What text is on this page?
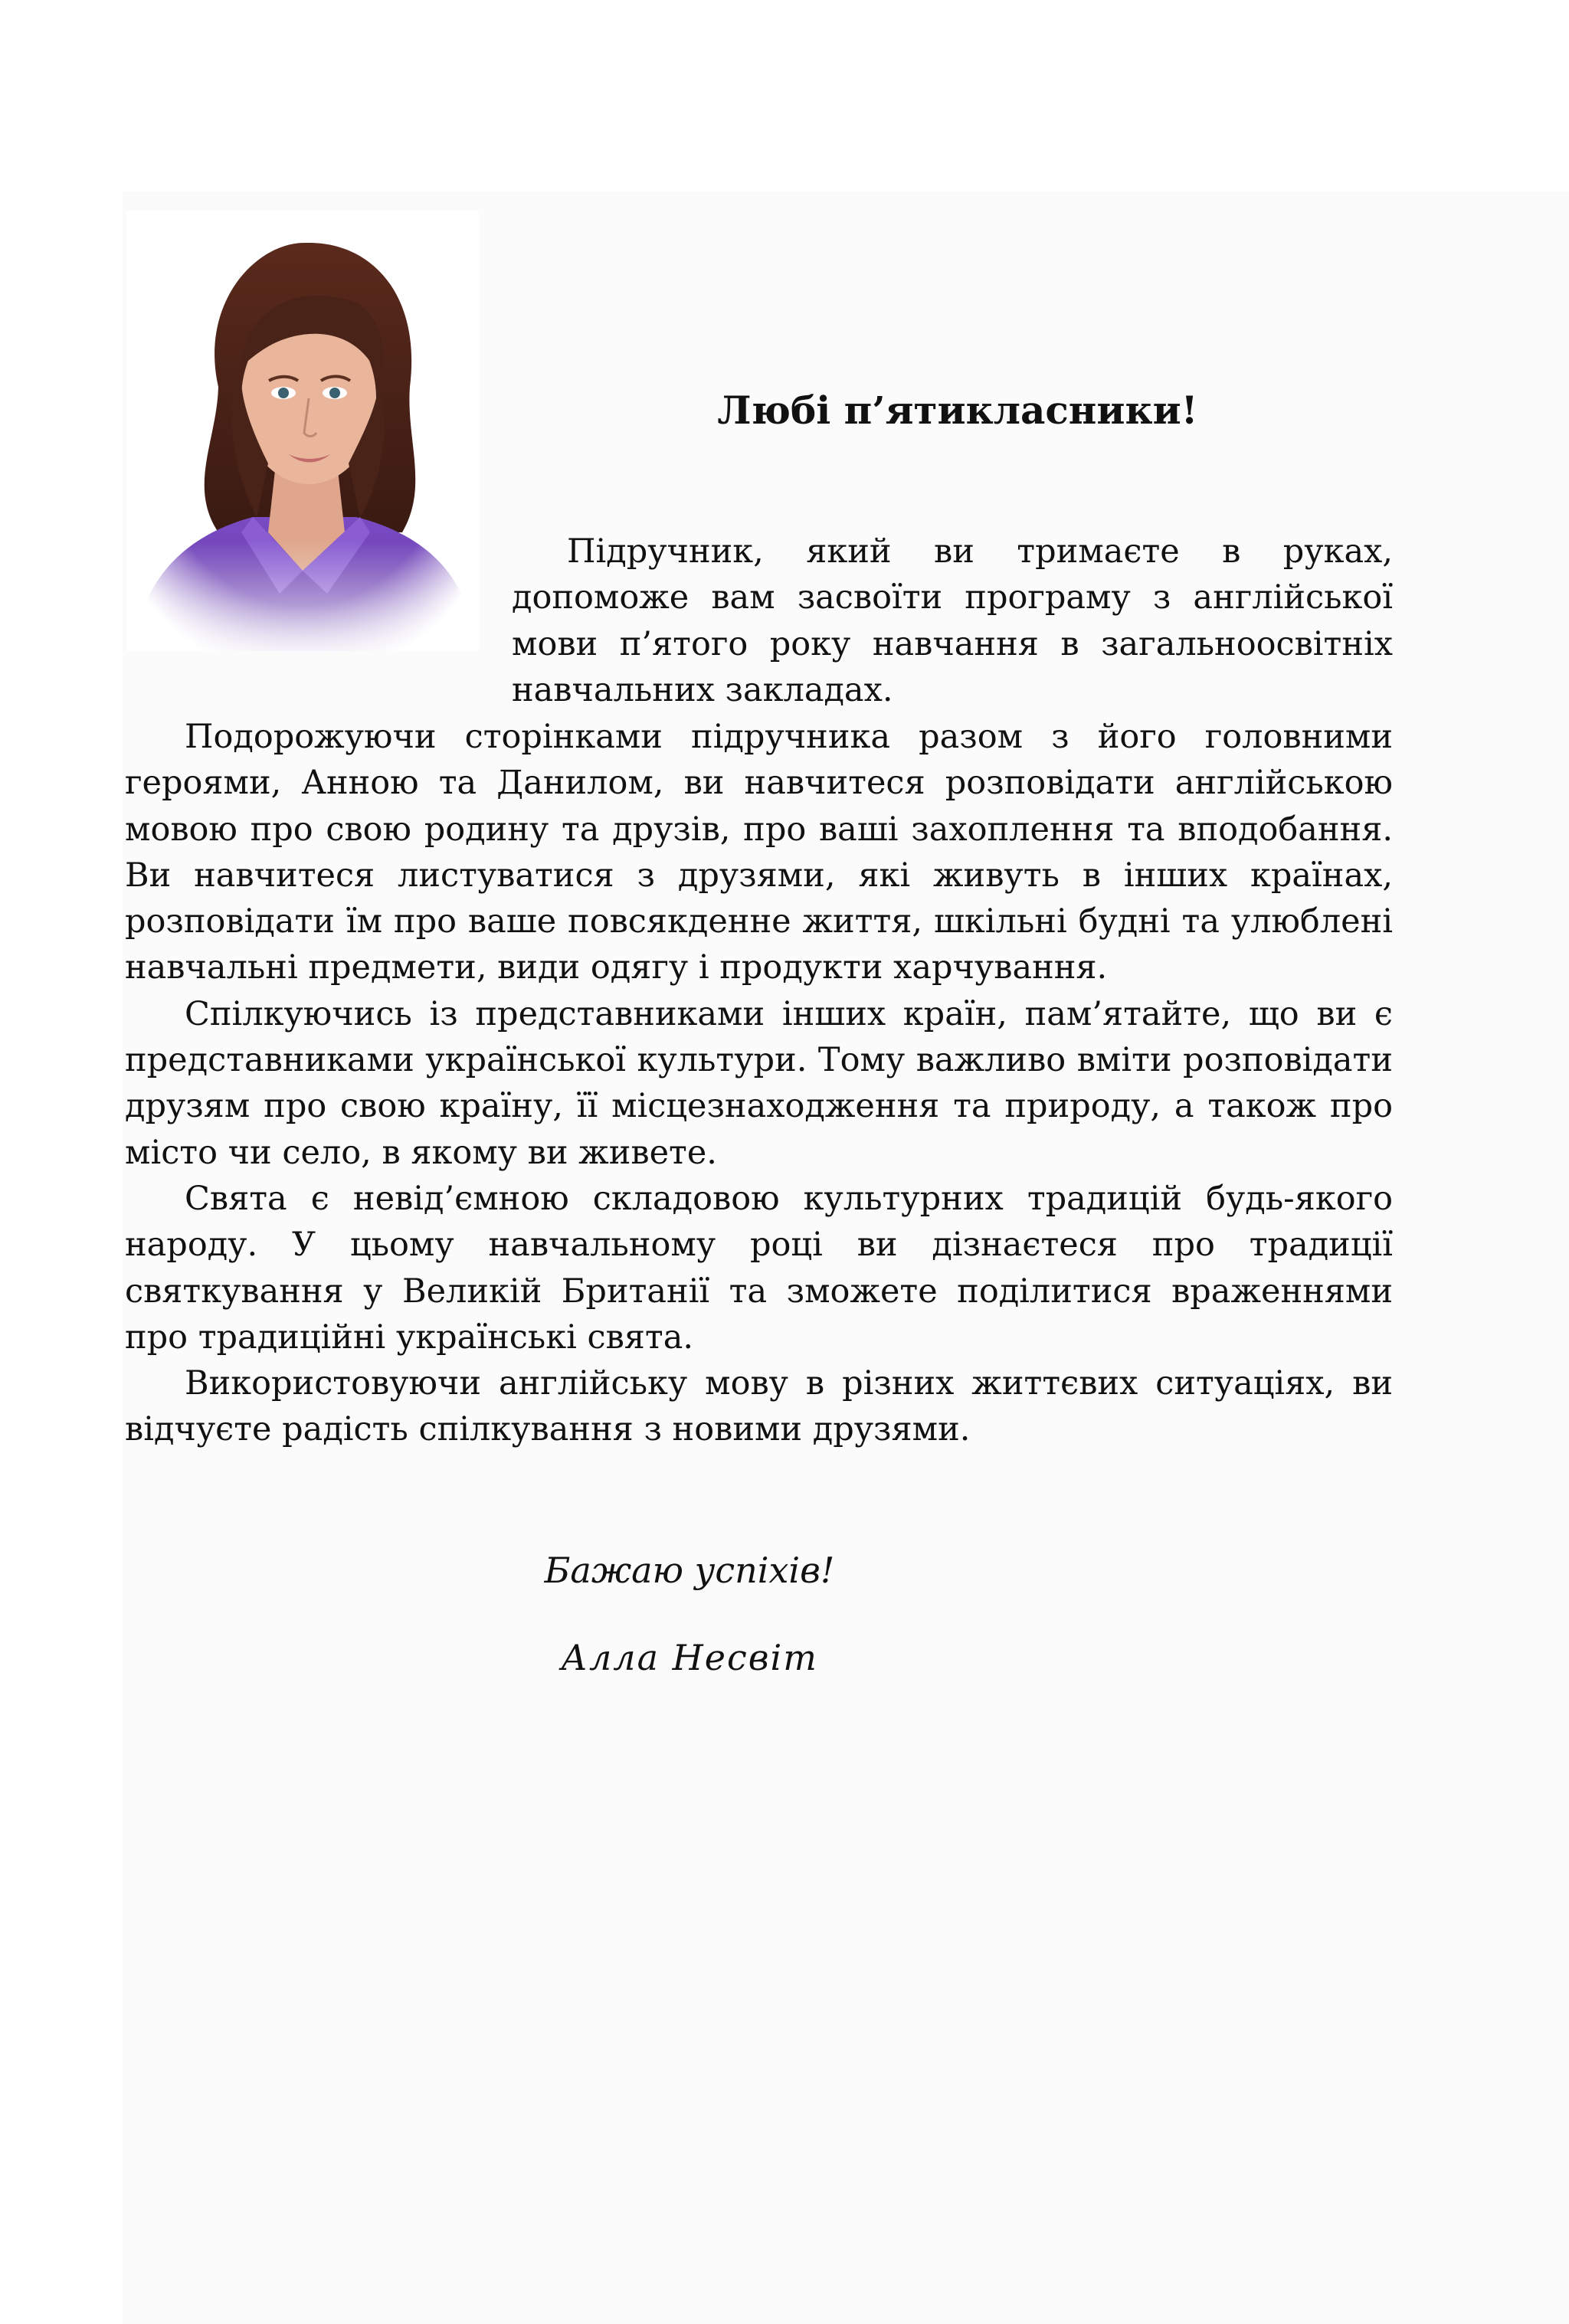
Любі п’ятикласники!

Підручник, який ви тримаєте в руках, допоможе вам засвоїти програму з англійської мови п’ятого року навчання в загальноосвітніх навчальних закладах.

Подорожуючи сторінками підручника разом з його головними героями, Анною та Данилом, ви навчитеся розповідати англійською мовою про свою родину та друзів, про ваші захоплення та вподобання. Ви навчитеся листуватися з друзями, які живуть в інших країнах, розповідати їм про ваше повсякденне життя, шкільні будні та улюблені навчальні предмети, види одягу і продукти харчування.

Спілкуючись із представниками інших країн, пам’ятайте, що ви є представниками української культури. Тому важливо вміти розповідати друзям про свою країну, її місцезнаходження та природу, а також про місто чи село, в якому ви живете.

Свята є невід’ємною складовою культурних традицій будь-якого народу. У цьому навчальному році ви дізнаєтеся про традиції святкування у Великій Британії та зможете поділитися враженнями про традиційні українські свята.

Використовуючи англійську мову в різних життєвих ситуаціях, ви відчуєте радість спілкування з новими друзями.

Бажаю успіхів!

Алла Несвіт
